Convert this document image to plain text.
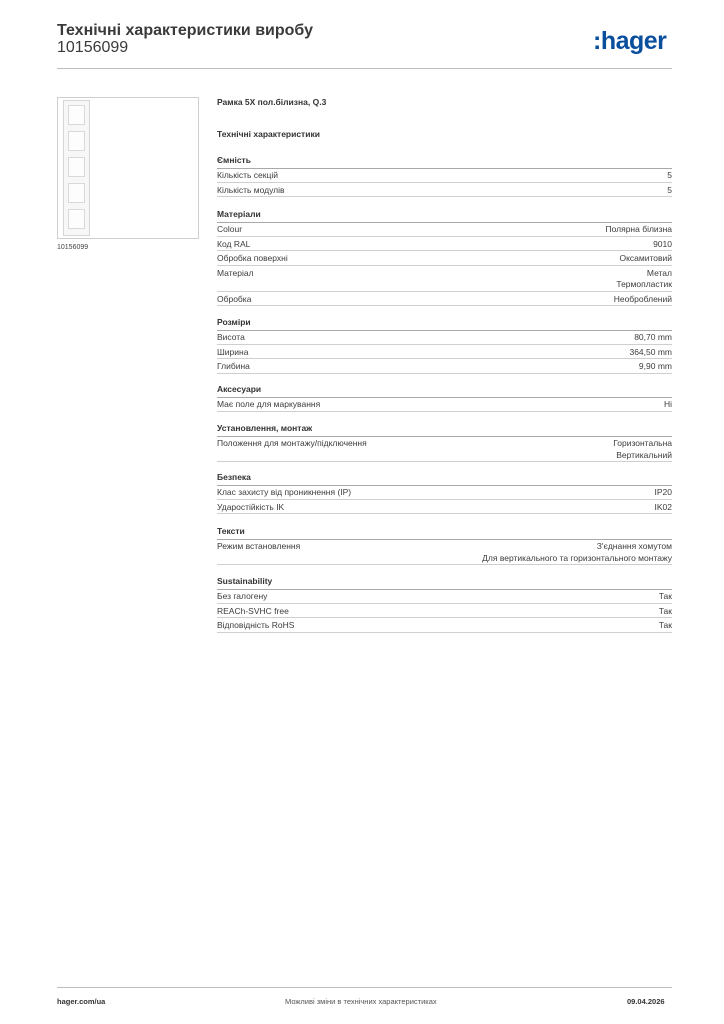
Технічні характеристики виробу
10156099	:hager
10156099
Рамка 5X пол.білизна, Q.3
Технічні характеристики
Ємність
Кількість секцій	5
Кількість модулів	5
Матеріали
Colour	Полярна білизна
Код RAL	9010
Обробка поверхні	Оксамитовий
Матеріал	Метал
Термопластик
Обробка	Необроблений
Розміри
Висота	80,70 mm
Ширина	364,50 mm
Глибина	9,90 mm
Аксесуари
Має поле для маркування	Ні
Установлення, монтаж
Положення для монтажу/підключення	Горизонтальна
Вертикальний
Безпека
Клас захисту від проникнення (IP)	IP20
Ударостійкість IK	IK02
Тексти
Режим встановлення	З'єднання хомутом
Для вертикального та горизонтального монтажу
Sustainability
Без галогену	Так
REACh-SVHC free	Так
Відповідність RoHS	Так
hager.com/ua	Можливі зміни в технічних характеристиках	09.04.2026
